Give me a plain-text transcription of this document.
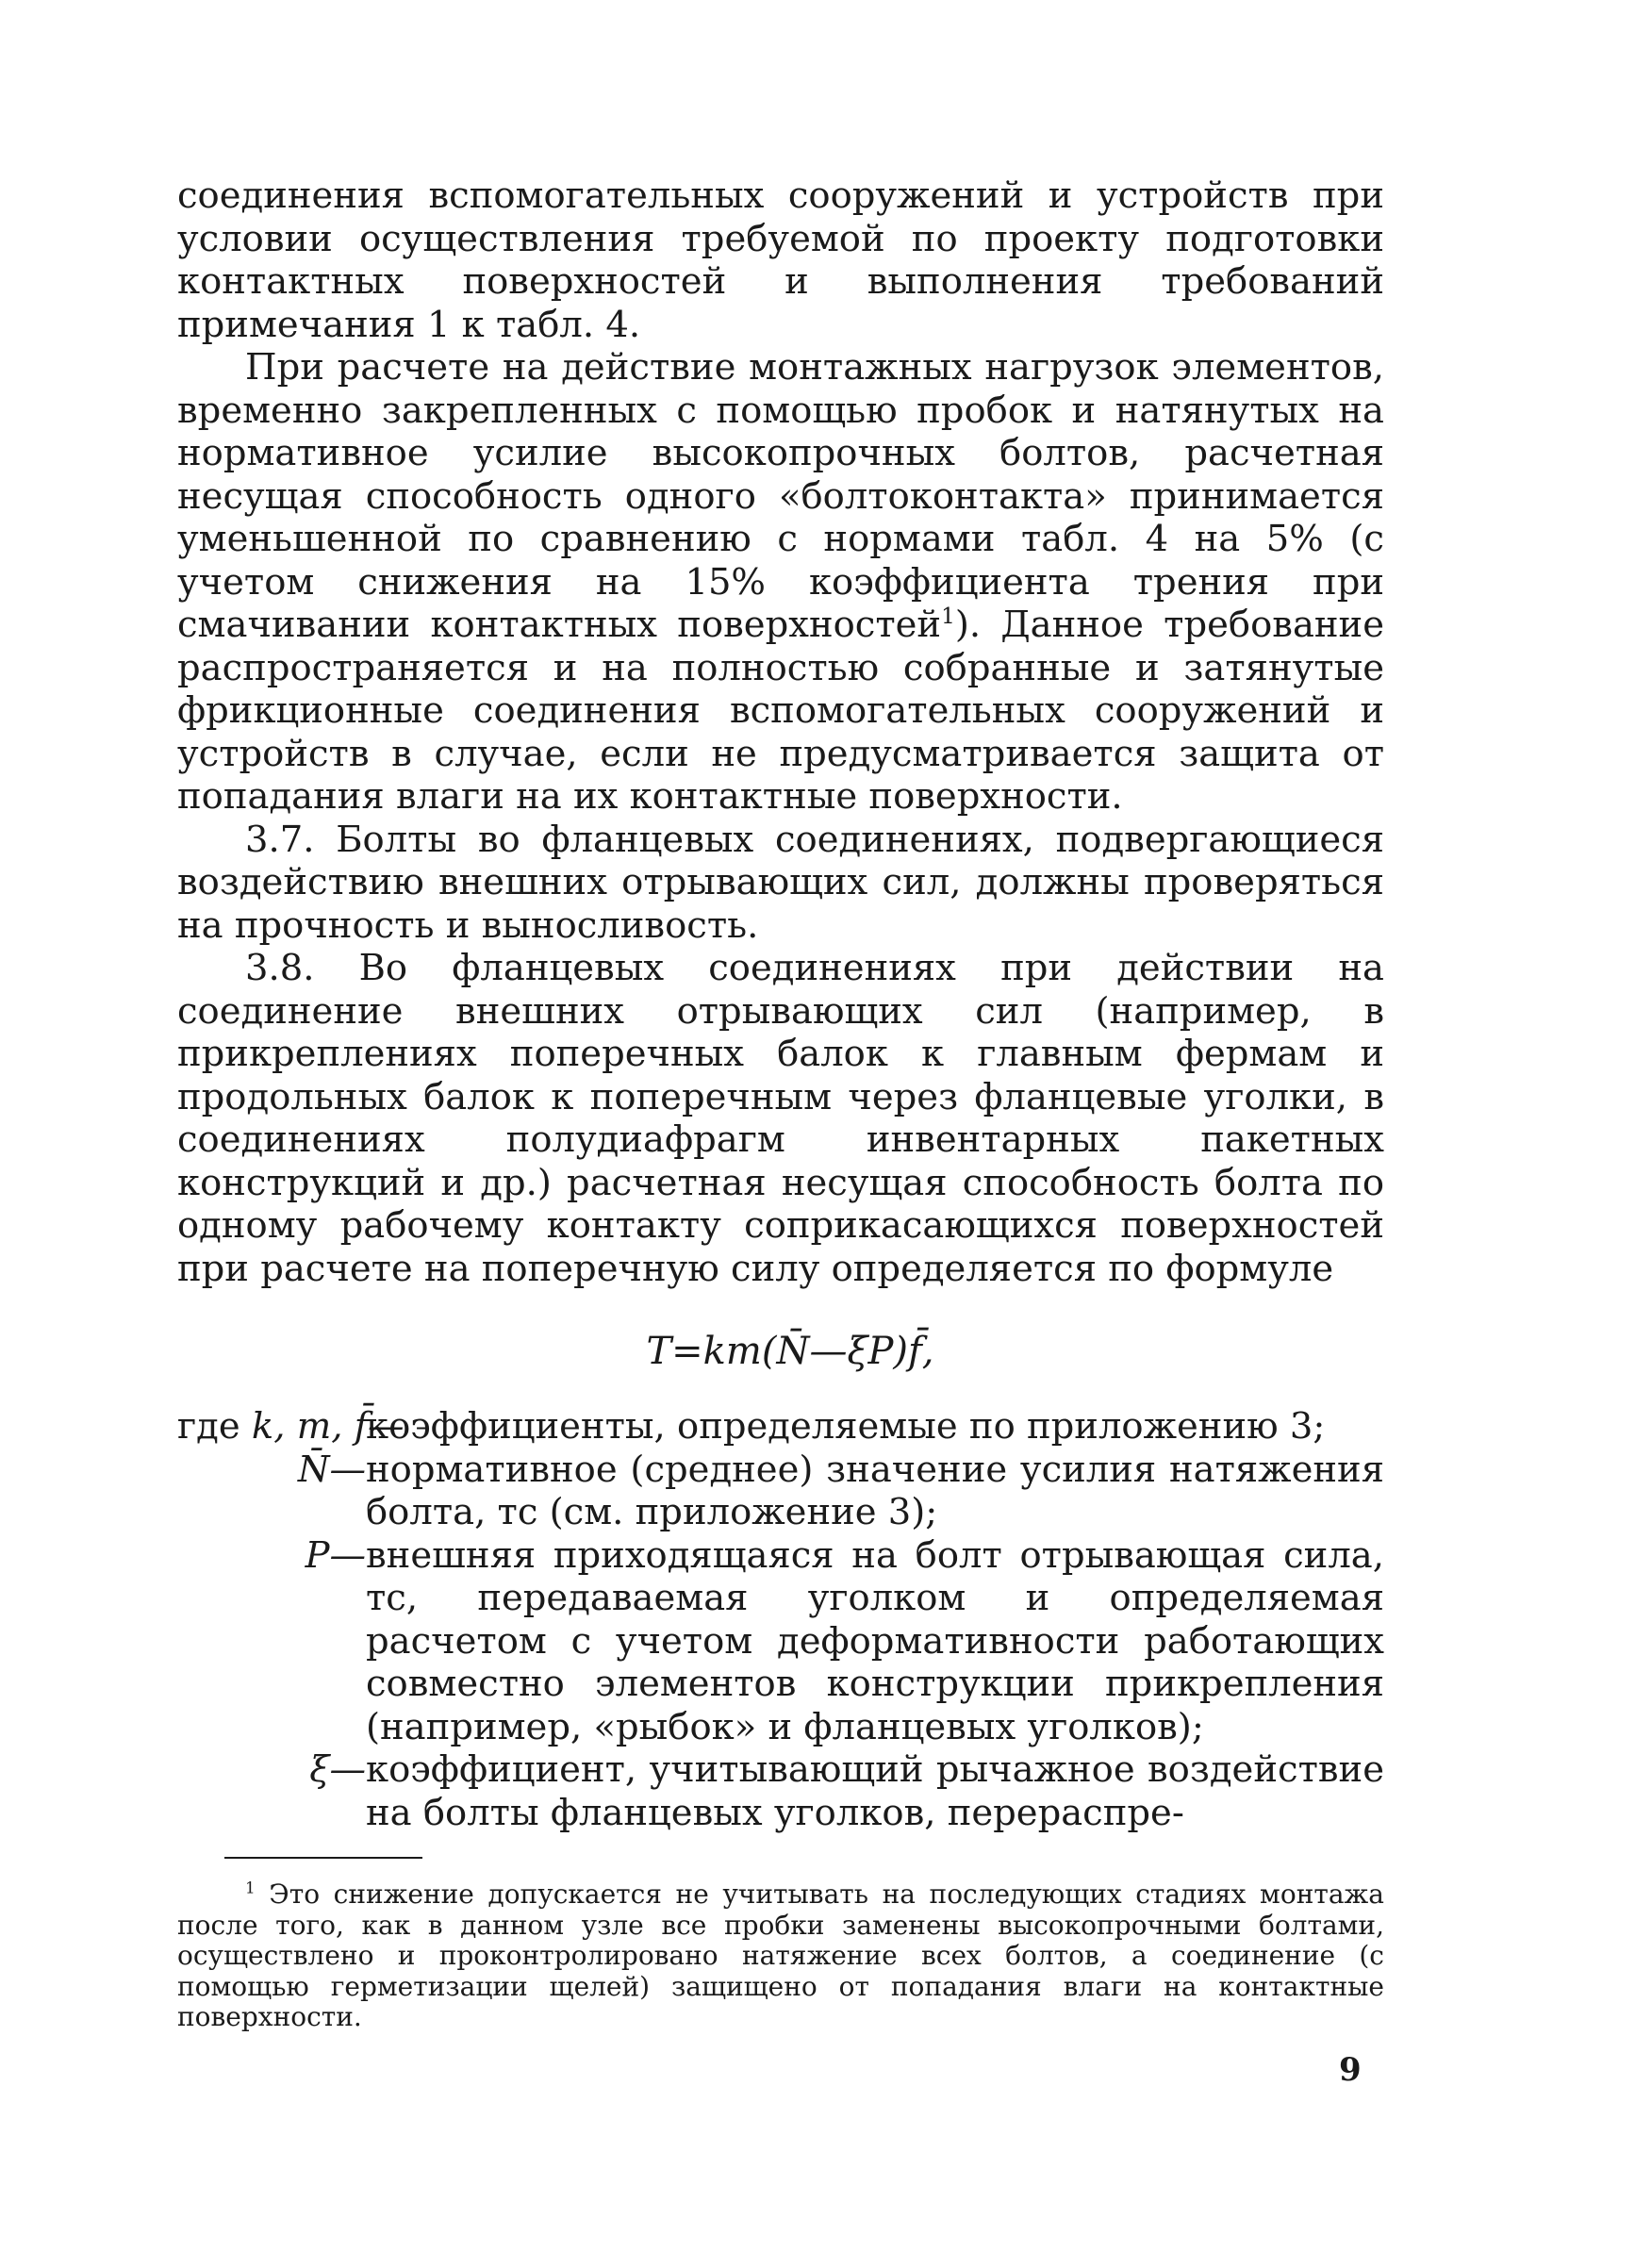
соединения вспомогательных сооружений и устройств при условии осуществления требуемой по проекту подготовки контактных поверхностей и выполнения требований примечания 1 к табл. 4.

При расчете на действие монтажных нагрузок элементов, временно закрепленных с помощью пробок и натянутых на нормативное усилие высокопрочных болтов, расчетная несущая способность одного «болтоконтакта» принимается уменьшенной по сравнению с нормами табл. 4 на 5% (с учетом снижения на 15% коэффициента трения при смачивании контактных поверхностей$^1$). Данное требование распространяется и на полностью собранные и затянутые фрикционные соединения вспомогательных сооружений и устройств в случае, если не предусматривается защита от попадания влаги на их контактные поверхности.

3.7. Болты во фланцевых соединениях, подвергающиеся воздействию внешних отрывающих сил, должны проверяться на прочность и выносливость.

3.8. Во фланцевых соединениях при действии на соединение внешних отрывающих сил (например, в прикреплениях поперечных балок к главным фермам и продольных балок к поперечным через фланцевые уголки, в соединениях полудиафрагм инвентарных пакетных конструкций и др.) расчетная несущая способность болта по одному рабочему контакту соприкасающихся поверхностей при расчете на поперечную силу определяется по формуле

T=km(N̄—ξP)f̄,
где k, m, f̄—
коэффициенты, определяемые по приложению 3;
N̄— нормативное (среднее) значение усилия натяжения болта, тс (см. приложение 3);
P— внешняя приходящаяся на болт отрывающая сила, тс, передаваемая уголком и определяемая расчетом с учетом деформативности работающих совместно элементов конструкции прикрепления (например, «рыбок» и фланцевых уголков);
ξ— коэффициент, учитывающий рычажное воздействие на болты фланцевых уголков, перераспре-

$^1$ Это снижение допускается не учитывать на последующих стадиях монтажа после того, как в данном узле все пробки заменены высокопрочными болтами, осуществлено и проконтролировано натяжение всех болтов, а соединение (с помощью герметизации щелей) защищено от попадания влаги на контактные поверхности.

9
